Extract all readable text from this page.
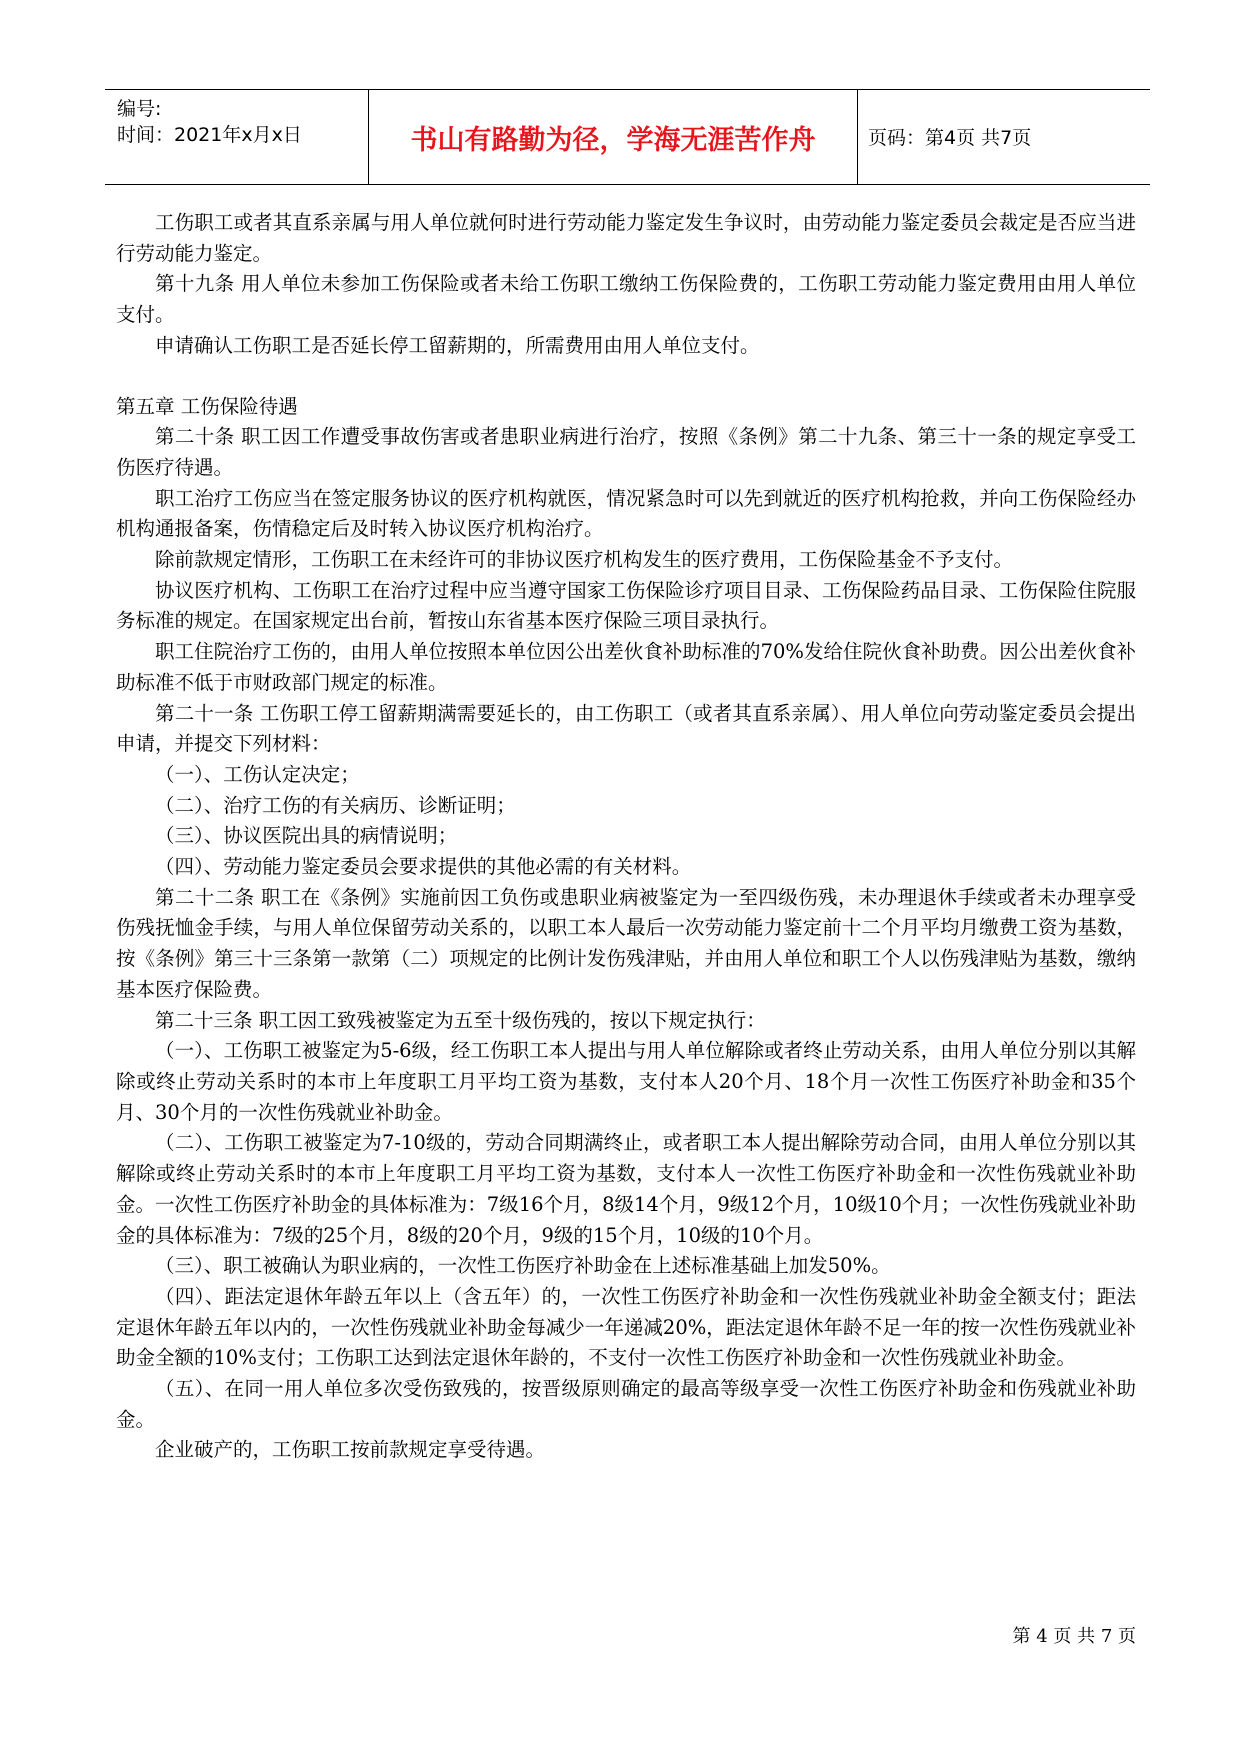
编号:
时间：2021年x月x日	书山有路勤为径，学海无涯苦作舟	页码：第4页 共7页

工伤职工或者其直系亲属与用人单位就何时进行劳动能力鉴定发生争议时，由劳动能力鉴定委员会裁定是否应当进行劳动能力鉴定。

第十九条 用人单位未参加工伤保险或者未给工伤职工缴纳工伤保险费的，工伤职工劳动能力鉴定费用由用人单位支付。

申请确认工伤职工是否延长停工留薪期的，所需费用由用人单位支付。

第五章 工伤保险待遇

第二十条 职工因工作遭受事故伤害或者患职业病进行治疗，按照《条例》第二十九条、第三十一条的规定享受工伤医疗待遇。

职工治疗工伤应当在签定服务协议的医疗机构就医，情况紧急时可以先到就近的医疗机构抢救，并向工伤保险经办机构通报备案，伤情稳定后及时转入协议医疗机构治疗。

除前款规定情形，工伤职工在未经许可的非协议医疗机构发生的医疗费用，工伤保险基金不予支付。

协议医疗机构、工伤职工在治疗过程中应当遵守国家工伤保险诊疗项目目录、工伤保险药品目录、工伤保险住院服务标准的规定。在国家规定出台前，暂按山东省基本医疗保险三项目录执行。

职工住院治疗工伤的，由用人单位按照本单位因公出差伙食补助标准的70%发给住院伙食补助费。因公出差伙食补助标准不低于市财政部门规定的标准。

第二十一条 工伤职工停工留薪期满需要延长的，由工伤职工（或者其直系亲属）、用人单位向劳动鉴定委员会提出申请，并提交下列材料：

（一）、工伤认定决定；

（二）、治疗工伤的有关病历、诊断证明；

（三）、协议医院出具的病情说明；

（四）、劳动能力鉴定委员会要求提供的其他必需的有关材料。

第二十二条 职工在《条例》实施前因工负伤或患职业病被鉴定为一至四级伤残，未办理退休手续或者未办理享受伤残抚恤金手续，与用人单位保留劳动关系的，以职工本人最后一次劳动能力鉴定前十二个月平均月缴费工资为基数，按《条例》第三十三条第一款第（二）项规定的比例计发伤残津贴，并由用人单位和职工个人以伤残津贴为基数，缴纳基本医疗保险费。

第二十三条 职工因工致残被鉴定为五至十级伤残的，按以下规定执行：

（一）、工伤职工被鉴定为5-6级，经工伤职工本人提出与用人单位解除或者终止劳动关系，由用人单位分别以其解除或终止劳动关系时的本市上年度职工月平均工资为基数，支付本人20个月、18个月一次性工伤医疗补助金和35个月、30个月的一次性伤残就业补助金。

（二）、工伤职工被鉴定为7-10级的，劳动合同期满终止，或者职工本人提出解除劳动合同，由用人单位分别以其解除或终止劳动关系时的本市上年度职工月平均工资为基数，支付本人一次性工伤医疗补助金和一次性伤残就业补助金。一次性工伤医疗补助金的具体标准为：7级16个月，8级14个月，9级12个月，10级10个月；一次性伤残就业补助金的具体标准为：7级的25个月，8级的20个月，9级的15个月，10级的10个月。

（三）、职工被确认为职业病的，一次性工伤医疗补助金在上述标准基础上加发50%。

（四）、距法定退休年龄五年以上（含五年）的，一次性工伤医疗补助金和一次性伤残就业补助金全额支付；距法定退休年龄五年以内的，一次性伤残就业补助金每减少一年递减20%，距法定退休年龄不足一年的按一次性伤残就业补助金全额的10%支付；工伤职工达到法定退休年龄的，不支付一次性工伤医疗补助金和一次性伤残就业补助金。

（五）、在同一用人单位多次受伤致残的，按晋级原则确定的最高等级享受一次性工伤医疗补助金和伤残就业补助金。

企业破产的，工伤职工按前款规定享受待遇。

第 4 页 共 7 页
